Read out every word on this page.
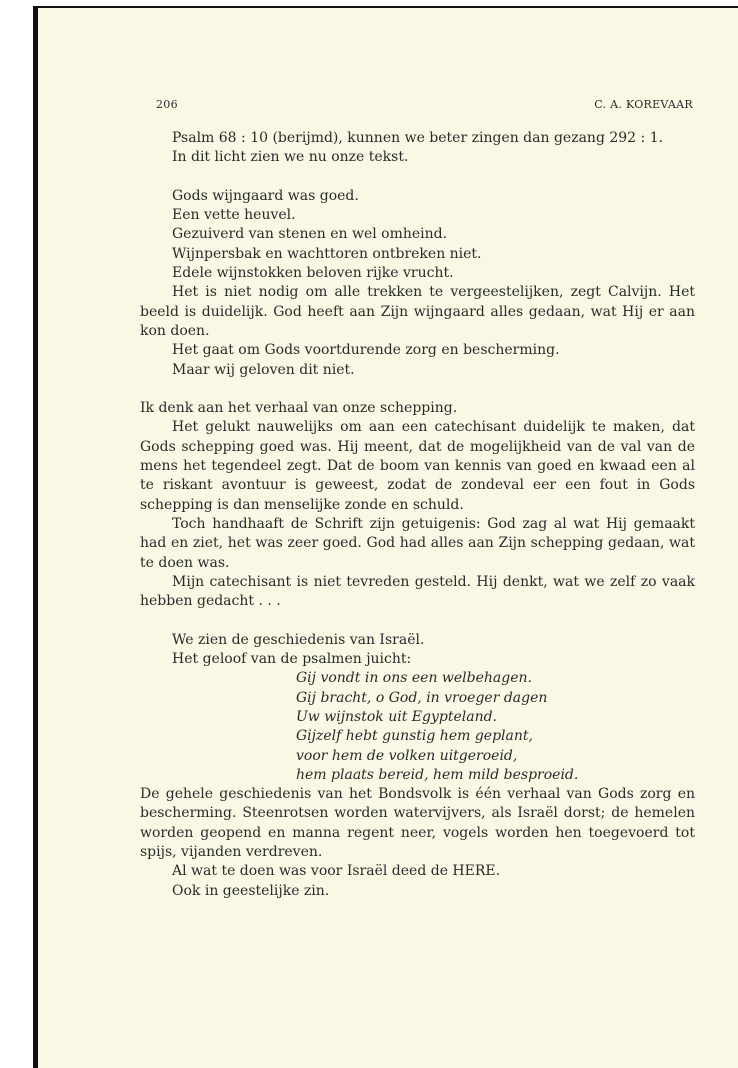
206	C. A. KOREVAAR

Psalm 68 : 10 (berijmd), kunnen we beter zingen dan gezang 292 : 1.

In dit licht zien we nu onze tekst.

Gods wijngaard was goed.

Een vette heuvel.

Gezuiverd van stenen en wel omheind.

Wijnpersbak en wachttoren ontbreken niet.

Edele wijnstokken beloven rijke vrucht.

Het is niet nodig om alle trekken te vergeestelijken, zegt Calvijn. Het beeld is duidelijk. God heeft aan Zijn wijngaard alles gedaan, wat Hij er aan kon doen.

Het gaat om Gods voortdurende zorg en bescherming.

Maar wij geloven dit niet.

Ik denk aan het verhaal van onze schepping.

Het gelukt nauwelijks om aan een catechisant duidelijk te maken, dat Gods schepping goed was. Hij meent, dat de mogelijkheid van de val van de mens het tegendeel zegt. Dat de boom van kennis van goed en kwaad een al te riskant avontuur is geweest, zodat de zondeval eer een fout in Gods schepping is dan menselijke zonde en schuld.

Toch handhaaft de Schrift zijn getuigenis: God zag al wat Hij gemaakt had en ziet, het was zeer goed. God had alles aan Zijn schepping gedaan, wat te doen was.

Mijn catechisant is niet tevreden gesteld. Hij denkt, wat we zelf zo vaak hebben gedacht . . .

We zien de geschiedenis van Israël.

Het geloof van de psalmen juicht:

Gij vondt in ons een welbehagen.
Gij bracht, o God, in vroeger dagen
Uw wijnstok uit Egypteland.
Gijzelf hebt gunstig hem geplant,
voor hem de volken uitgeroeid,
hem plaats bereid, hem mild besproeid.

De gehele geschiedenis van het Bondsvolk is één verhaal van Gods zorg en bescherming. Steenrotsen worden watervijvers, als Israël dorst; de hemelen worden geopend en manna regent neer, vogels worden hen toegevoerd tot spijs, vijanden verdreven.

Al wat te doen was voor Israël deed de HERE.

Ook in geestelijke zin.
